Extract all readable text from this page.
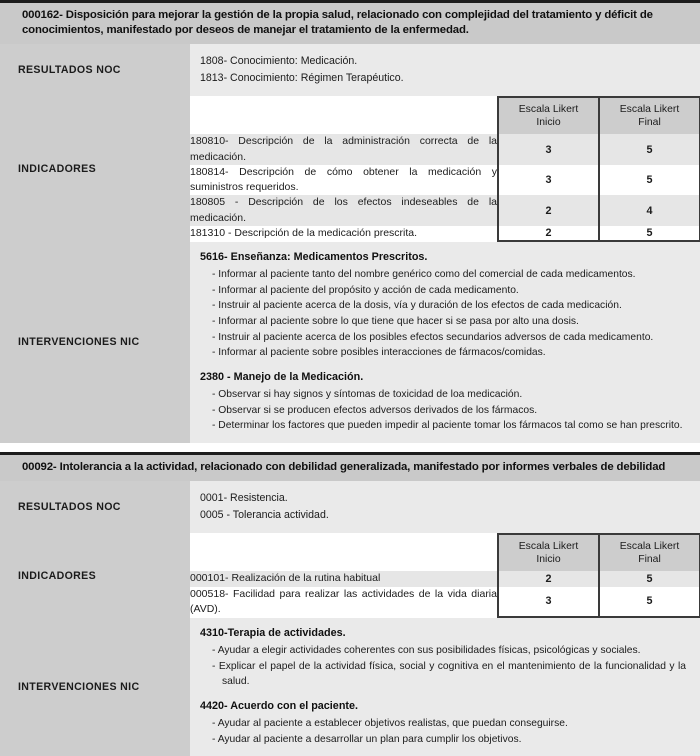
000162- Disposición para mejorar la gestión de la propia salud, relacionado con complejidad del tratamiento y déficit de conocimientos, manifestado por deseos de manejar el tratamiento de la enfermedad.
RESULTADOS NOC
1808- Conocimiento: Medicación.
1813- Conocimiento: Régimen Terapéutico.
INDICADORES

Escala Likert
Inicio

Escala Likert
Final

180810- Descripción de la administración correcta de la medicación.	3	5
180814- Descripción de cómo obtener la medicación y suministros requeridos.	3	5
180805 - Descripción de los efectos indeseables de la medicación.	2	4
181310 - Descripción de la medicación prescrita.	2	5
INTERVENCIONES NIC
5616- Enseñanza: Medicamentos Prescritos.
- Informar al paciente tanto del nombre genérico como del comercial de cada medicamentos.
- Informar al paciente del propósito y acción de cada medicamento.
- Instruir al paciente acerca de la dosis, vía y duración de los efectos de cada medicación.
- Informar al paciente sobre lo que tiene que hacer si se pasa por alto una dosis.
- Instruir al paciente acerca de los posibles efectos secundarios adversos de cada medicamento.
- Informar al paciente sobre posibles interacciones de fármacos/comidas.
2380 - Manejo de la Medicación.
- Observar si hay signos y síntomas de toxicidad de loa medicación.
- Observar si se producen efectos adversos derivados de los fármacos.
- Determinar los factores que pueden impedir al paciente tomar los fármacos tal como se han prescrito.
00092- Intolerancia a la actividad, relacionado con debilidad generalizada, manifestado por informes verbales de debilidad
RESULTADOS NOC
0001- Resistencia.
0005 - Tolerancia actividad.
INDICADORES

Escala Likert
Inicio

Escala Likert
Final

000101- Realización de la rutina habitual	2	5
000518- Facilidad para realizar las actividades de la vida diaria (AVD).	3	5
INTERVENCIONES NIC
4310-Terapia de actividades.
- Ayudar a elegir actividades coherentes con sus posibilidades físicas, psicológicas y sociales.
- Explicar el papel de la actividad física, social y cognitiva en el mantenimiento de la funcionalidad y la salud.
4420- Acuerdo con el paciente.
- Ayudar al paciente a establecer objetivos realistas, que puedan conseguirse.
- Ayudar al paciente a desarrollar un plan para cumplir los objetivos.
